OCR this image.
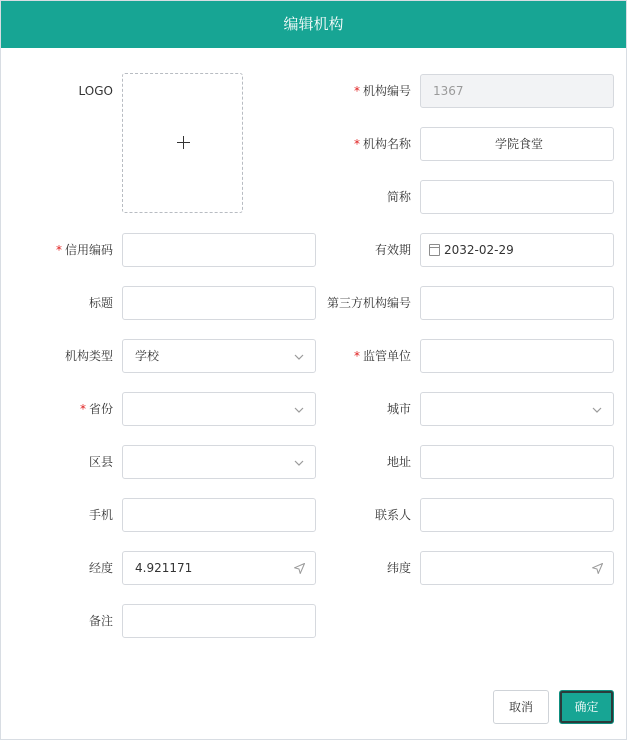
编辑机构
LOGO	* 机构编号 1367
* 机构名称	学院食堂
简称
* 信用编码	有效期	2032-02-29
标题	第三方机构编号
机构类型 学校	* 监管单位
* 省份	城市
区县	地址
手机	联系人
经度 4.921171	纬度
备注
取消	确定
